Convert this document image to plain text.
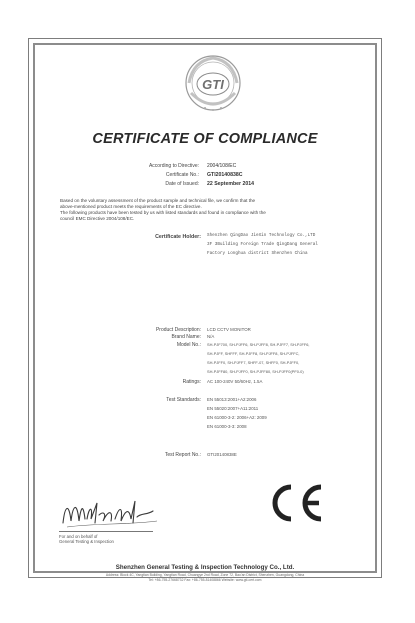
GTI
CERTIFICATE OF COMPLIANCE
According to Directive: 2004/108/EC
Certificate No.: GTI20140838C
Date of Issued: 22 September 2014
Based on the voluntary assessment of the product sample and technical file, we confirm that the
above-mentioned product meets the requirements of the EC directive.
The following products have been tested by us with listed standards and found in compliance with the
council EMC Directive 2004/108/EC.
Certificate Holder: Shenzhen QingDao JieXin Technology Co.,LTD
3F 3Building Foreign Trade QingDang General
Factory Longhua district Shenzhen China
Product Description: LCD CCTV MONITOR
Brand Name: N/A
Model No.: SH-PJF700, SH-PJFF6, SH-PJFF8, SH-PJFF7, SH-PJFF6,
SH-PJFF, SHFFF, SH-PJFF8, SH-PJFF8, SH-PJFFC,
SH-PJFF0, SH-PJFF7, SHFF-07, SHFF0, SH-PJFF0,
SH-PJFF80, SH-PJFF0, SH-PJFF80, SH-PJFF0(PF0-0)
Ratings: AC 100-240V 50/60Hz, 1.5A
Test Standards: EN 55013:2001+A2:2006
EN 55020:2007+A11:2011
EN 61000-3-2: 2006+A2: 2009
EN 61000-3-3: 2008
Test Report No.: GTI20140838E
For and on behalf of
General Testing & Inspection
Shenzhen General Testing & Inspection Technology Co., Ltd.
Address: Block 4C, Yangtian Building, Yangtian Road, Chuangye 2nd Road, Zone 72, Bao'an District, Shenzhen, Guangdong, China
Tel: +86-755-27668732 Fax: +86-755-81408866 Website: www.gti-cert.com
